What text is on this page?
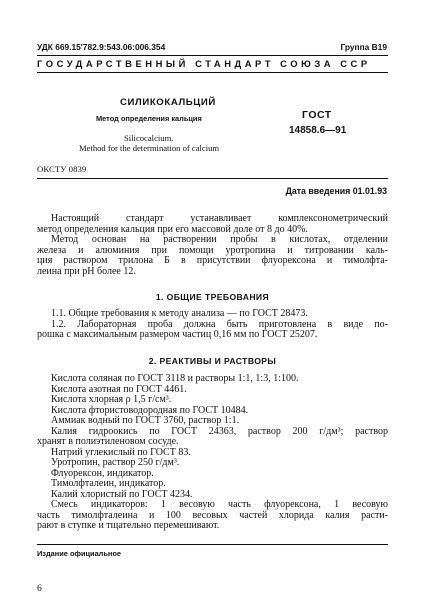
УДК 669.15'782.9:543.06:006.354	Группа В19
ГОСУДАРСТВЕННЫЙ СТАНДАРТ СОЮЗА ССР
СИЛИКОКАЛЬЦИЙ
Метод определения кальция
Silicocalcium.
Method for the determination of calcium
ГОСТ
14858.6—91
ОКСТУ 0839
Дата введения 01.01.93
Настоящий стандарт устанавливает комплексонометрический
метод определения кальция при его массовой доле от 8 до 40%.
Метод основан на растворении пробы в кислотах, отделении
железа и алюминия при помощи уротропина и титровании каль-
ция раствором трилона Б в присутствии флуорексона и тимолфта-
леина при pH более 12.
1. ОБЩИЕ ТРЕБОВАНИЯ
1.1. Общие требования к методу анализа — по ГОСТ 28473.
1.2. Лабораторная проба должна быть приготовлена в виде по-
рошка с максимальным размером частиц 0,16 мм по ГОСТ 25207.
2. РЕАКТИВЫ И РАСТВОРЫ
Кислота соляная по ГОСТ 3118 и растворы 1:1, 1:3, 1:100.
Кислота азотная по ГОСТ 4461.
Кислота хлорная ρ 1,5 г/см³.
Кислота фтористоводородная по ГОСТ 10484.
Аммиак водный по ГОСТ 3760, раствор 1:1.
Калия гидроокись по ГОСТ 24363, раствор 200 г/дм³; раствор
хранят в полиэтиленовом сосуде.
Натрий углекислый по ГОСТ 83.
Уротропин, раствор 250 г/дм³.
Флуорексон, индикатор.
Тимолфталеин, индикатор.
Калий хлористый по ГОСТ 4234.
Смесь индикаторов: 1 весовую часть флуорексона, 1 весовую
часть тимолфталеина и 100 весовых частей хлорида калия расти-
рают в ступке и тщательно перемешивают.
Издание официальное
6
